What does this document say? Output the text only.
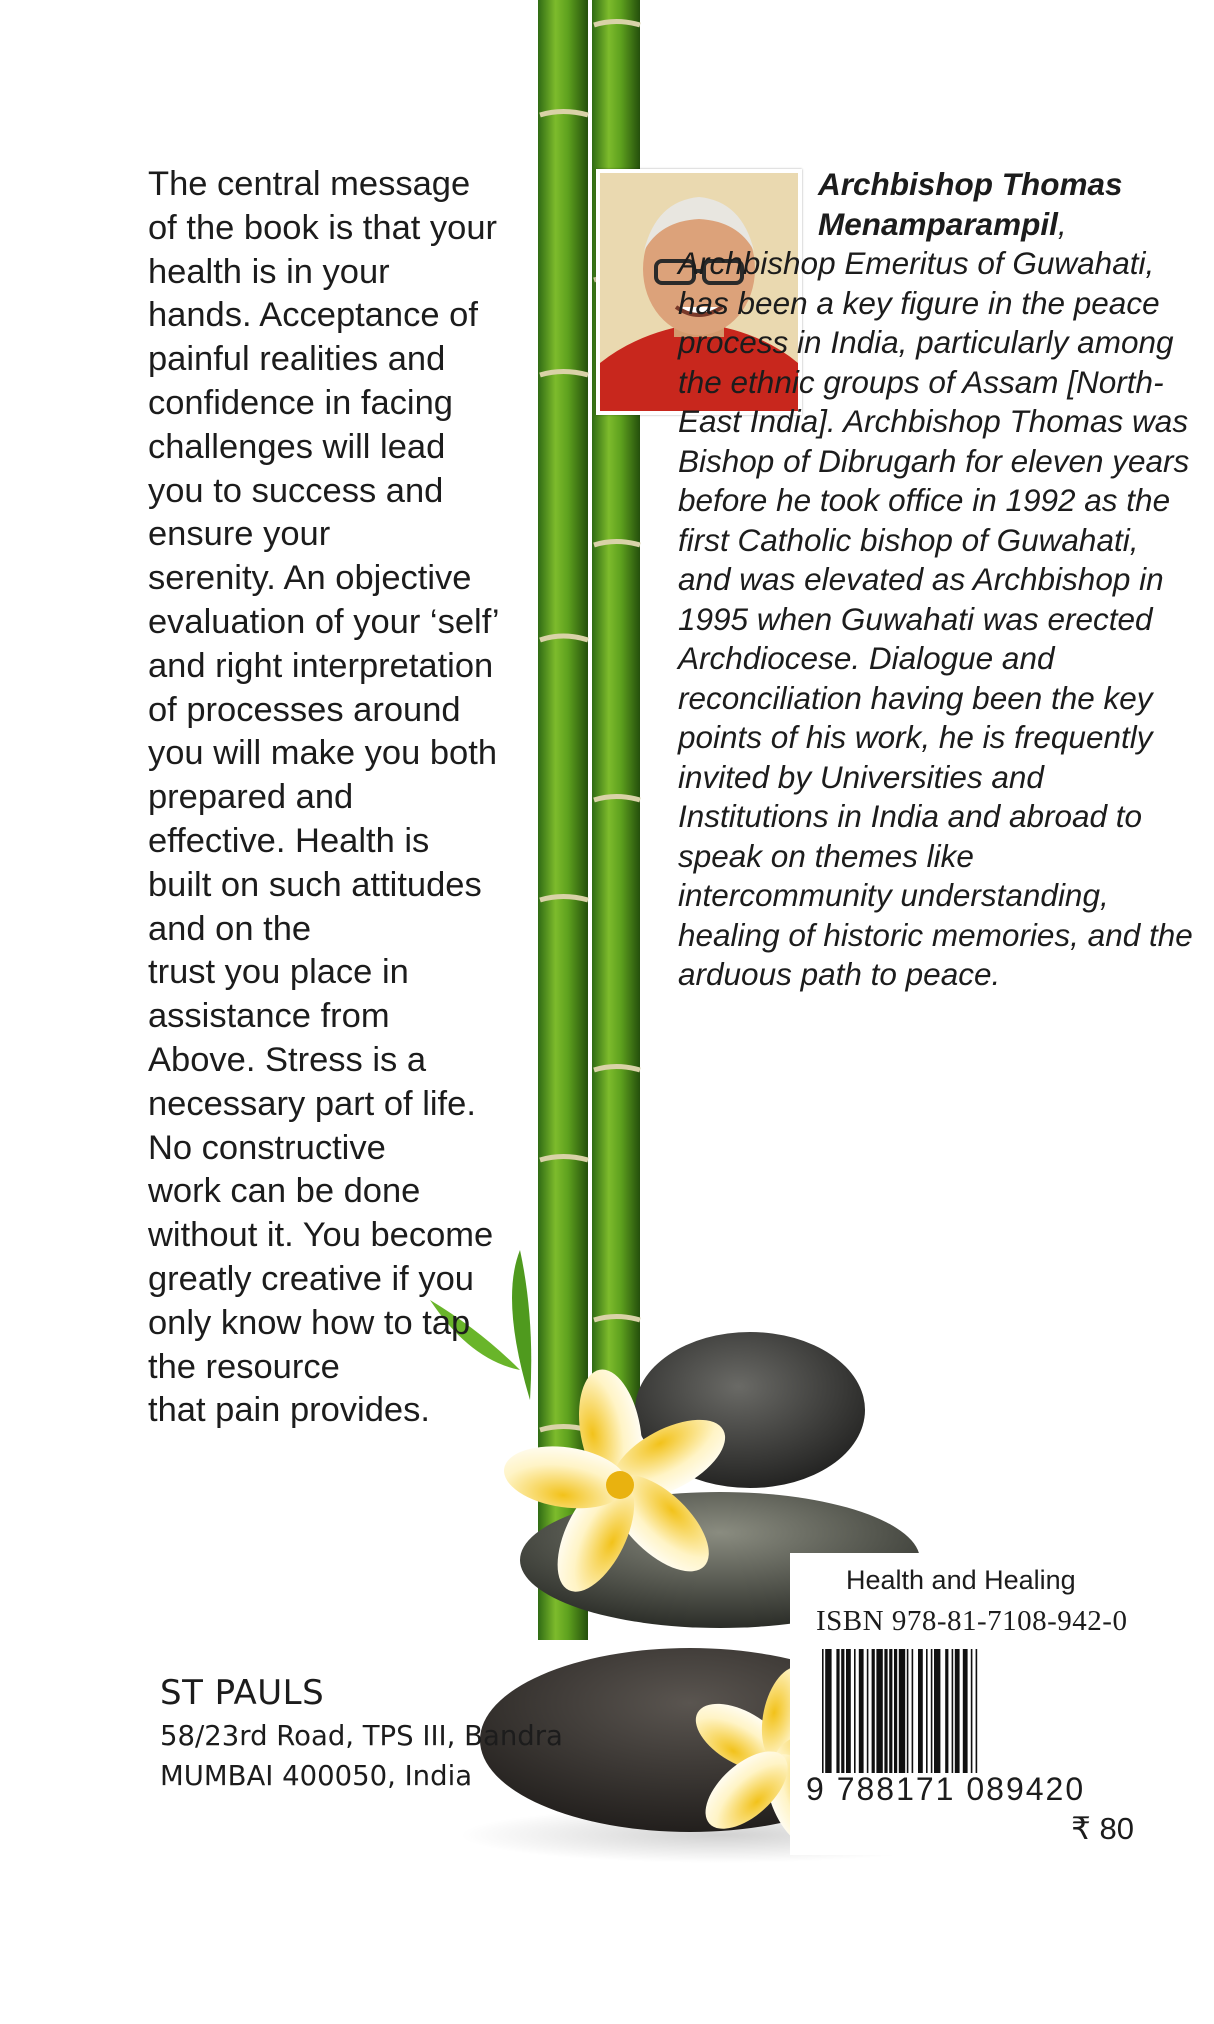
The central message
of the book is that your
health is in your
hands. Acceptance of
painful realities and
confidence in facing
challenges will lead
you to success and
ensure your
serenity. An objective
evaluation of your ‘self’
and right interpretation
of processes around
you will make you both
prepared and
effective. Health is
built on such attitudes
and on the
trust you place in
assistance from
Above. Stress is a
necessary part of life.
No constructive
work can be done
without it. You become
greatly creative if you
only know how to tap
the resource
that pain provides.

Archbishop Thomas
Menamparampil,
Archbishop Emeritus of Guwahati, has been a key figure in the peace process in India, particularly among the ethnic groups of Assam [North-East India]. Archbishop Thomas was Bishop of Dibrugarh for eleven years before he took office in 1992 as the first Catholic bishop of Guwahati, and was elevated as Archbishop in 1995 when Guwahati was erected Archdiocese. Dialogue and reconciliation having been the key points of his work, he is frequently invited by Universities and Institutions in India and abroad to speak on themes like intercommunity understanding, healing of historic memories, and the arduous path to peace.
ST PAULS
58/23rd Road, TPS III, Bandra
MUMBAI 400050, India
Health and Healing
ISBN 978-81-7108-942-0
9 788171 089420
₹ 80
